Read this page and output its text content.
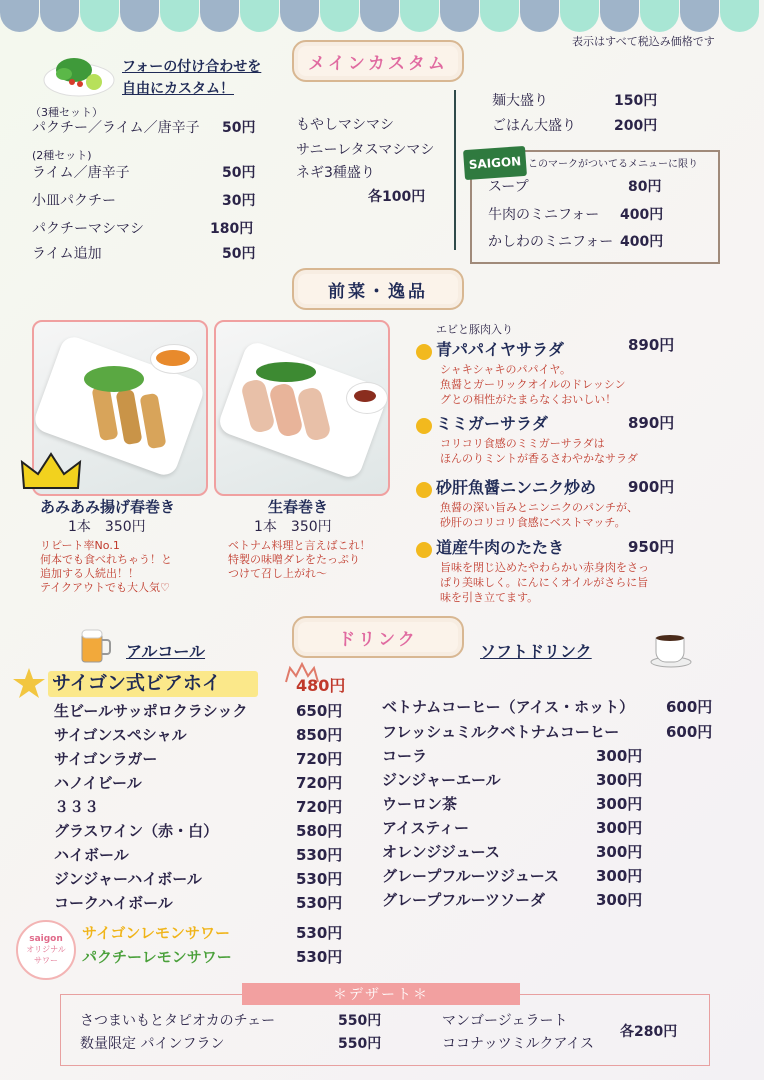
表示はすべて税込み価格です
メインカスタム
フォーの付け合わせを
自由にカスタム！
（3種セット）
パクチー／ライム／唐辛子 50円
(2種セット)
ライム／唐辛子	50円
小皿パクチー	30円
パクチーマシマシ	180円
ライム追加	50円
もやしマシマシ
サニーレタスマシマシ
ネギ3種盛り
各100円
麺大盛り	150円
ごはん大盛り	200円
SAIGON このマークがついてるメニューに限り
スープ	80円
牛肉のミニフォー 400円
かしわのミニフォー 400円
前菜・逸品
あみあみ揚げ春巻き
1本　350円
リピート率No.1
何本でも食べれちゃう！と
追加する人続出！！
テイクアウトでも大人気♡
生春巻き
1本　350円
ベトナム料理と言えばこれ！
特製の味噌ダレをたっぷり
つけて召し上がれ～
エビと豚肉入り
青パパイヤサラダ	890円
シャキシャキのパパイヤ。
魚醤とガーリックオイルのドレッシン
グとの相性がたまらなくおいしい！
ミミガーサラダ	890円
コリコリ食感のミミガーサラダは
ほんのりミントが香るさわやかなサラダ
砂肝魚醤ニンニク炒め 900円
魚醤の深い旨みとニンニクのパンチが、
砂肝のコリコリ食感にベストマッチ。
道産牛肉のたたき	950円
旨味を閉じ込めたやわらかい赤身肉をさっ
ぱり美味しく。にんにくオイルがさらに旨
味を引き立てます。
ドリンク
アルコール	ソフトドリンク
サイゴン式ビアホイ	480円
生ビールサッポロクラシック	650円
サイゴンスペシャル	850円
サイゴンラガー	720円
ハノイビール	720円
３３３	720円
グラスワイン（赤・白）	580円
ハイボール	530円
ジンジャーハイボール	530円
コークハイボール	530円
saigon
オリジナル
サワー
サイゴンレモンサワー	530円
パクチーレモンサワー	530円
ベトナムコーヒー（アイス・ホット） 600円
フレッシュミルクベトナムコーヒー	600円
コーラ	300円
ジンジャーエール	300円
ウーロン茶	300円
アイスティー	300円
オレンジジュース	300円
グレープフルーツジュース 300円
グレープフルーツソーダ	300円
＊デザート＊
さつまいもとタピオカのチェー	550円
数量限定 パインフラン	550円
マンゴージェラート
ココナッツミルクアイス
各280円
